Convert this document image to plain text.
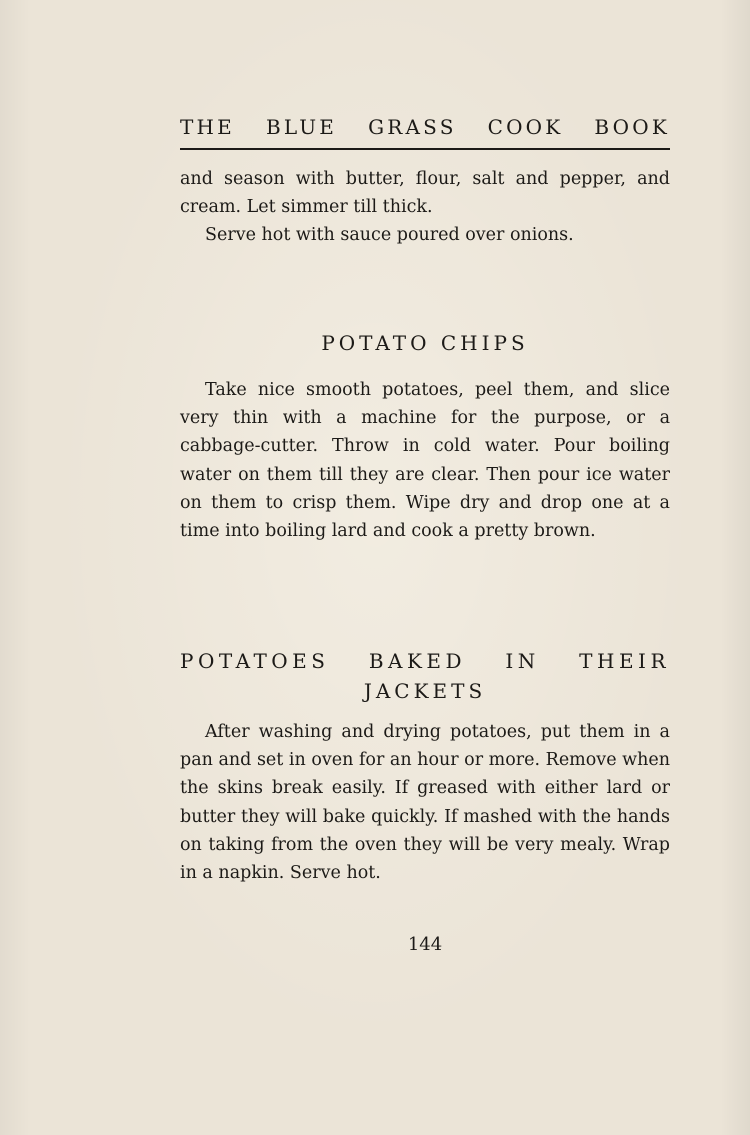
THE BLUE GRASS COOK BOOK

and season with butter, flour, salt and pepper, and cream. Let simmer till thick.

Serve hot with sauce poured over onions.

POTATO CHIPS

Take nice smooth potatoes, peel them, and slice very thin with a machine for the purpose, or a cabbage-cutter. Throw in cold water. Pour boiling water on them till they are clear. Then pour ice water on them to crisp them. Wipe dry and drop one at a time into boiling lard and cook a pretty brown.

POTATOES BAKED IN THEIR
JACKETS

After washing and drying potatoes, put them in a pan and set in oven for an hour or more. Remove when the skins break easily. If greased with either lard or butter they will bake quickly. If mashed with the hands on taking from the oven they will be very mealy. Wrap in a napkin. Serve hot.

144
